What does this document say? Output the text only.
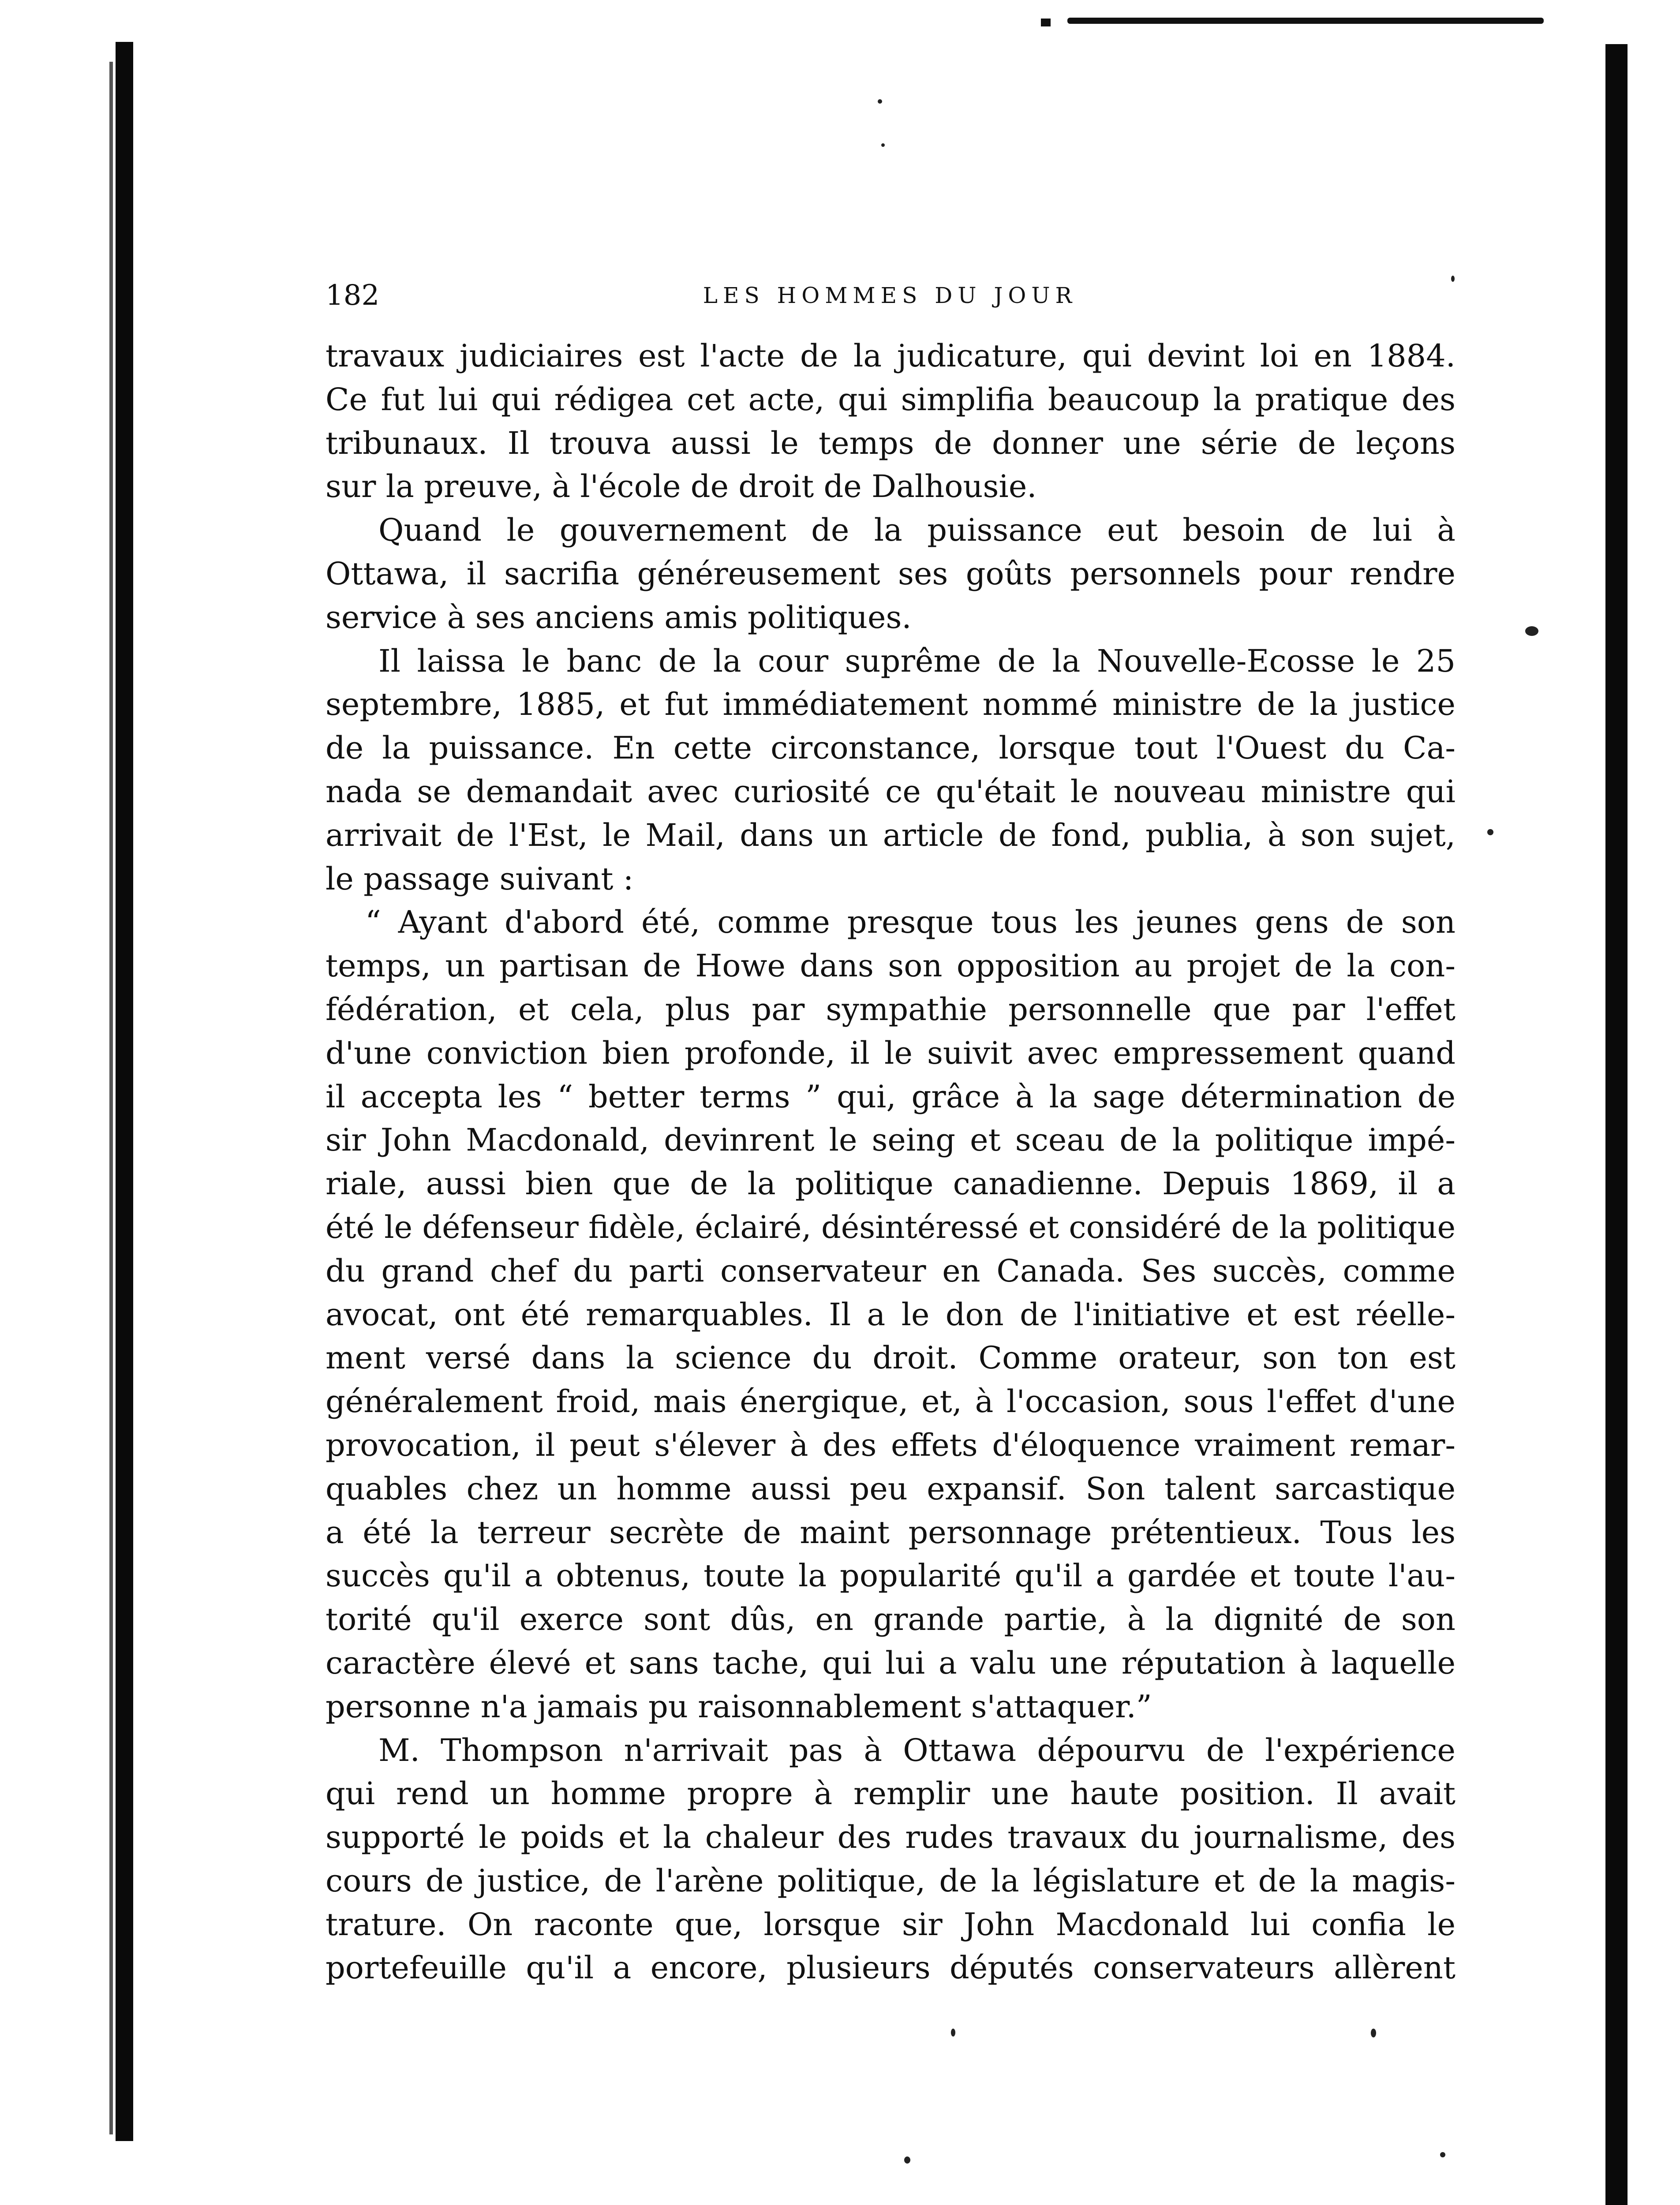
182	LES HOMMES DU JOUR
travaux judiciaires est l'acte de la judicature, qui devint loi en 1884.
Ce fut lui qui rédigea cet acte, qui simplifia beaucoup la pratique des
tribunaux. Il trouva aussi le temps de donner une série de leçons
sur la preuve, à l'école de droit de Dalhousie.
Quand le gouvernement de la puissance eut besoin de lui à
Ottawa, il sacrifia généreusement ses goûts personnels pour rendre
service à ses anciens amis politiques.
Il laissa le banc de la cour suprême de la Nouvelle-Ecosse le 25
septembre, 1885, et fut immédiatement nommé ministre de la justice
de la puissance. En cette circonstance, lorsque tout l'Ouest du Ca-
nada se demandait avec curiosité ce qu'était le nouveau ministre qui
arrivait de l'Est, le Mail, dans un article de fond, publia, à son sujet,
le passage suivant :
“ Ayant d'abord été, comme presque tous les jeunes gens de son
temps, un partisan de Howe dans son opposition au projet de la con-
fédération, et cela, plus par sympathie personnelle que par l'effet
d'une conviction bien profonde, il le suivit avec empressement quand
il accepta les “ better terms ” qui, grâce à la sage détermination de
sir John Macdonald, devinrent le seing et sceau de la politique impé-
riale, aussi bien que de la politique canadienne. Depuis 1869, il a
été le défenseur fidèle, éclairé, désintéressé et considéré de la politique
du grand chef du parti conservateur en Canada. Ses succès, comme
avocat, ont été remarquables. Il a le don de l'initiative et est réelle-
ment versé dans la science du droit. Comme orateur, son ton est
généralement froid, mais énergique, et, à l'occasion, sous l'effet d'une
provocation, il peut s'élever à des effets d'éloquence vraiment remar-
quables chez un homme aussi peu expansif. Son talent sarcastique
a été la terreur secrète de maint personnage prétentieux. Tous les
succès qu'il a obtenus, toute la popularité qu'il a gardée et toute l'au-
torité qu'il exerce sont dûs, en grande partie, à la dignité de son
caractère élevé et sans tache, qui lui a valu une réputation à laquelle
personne n'a jamais pu raisonnablement s'attaquer.”
M. Thompson n'arrivait pas à Ottawa dépourvu de l'expérience
qui rend un homme propre à remplir une haute position. Il avait
supporté le poids et la chaleur des rudes travaux du journalisme, des
cours de justice, de l'arène politique, de la législature et de la magis-
trature. On raconte que, lorsque sir John Macdonald lui confia le
portefeuille qu'il a encore, plusieurs députés conservateurs allèrent
